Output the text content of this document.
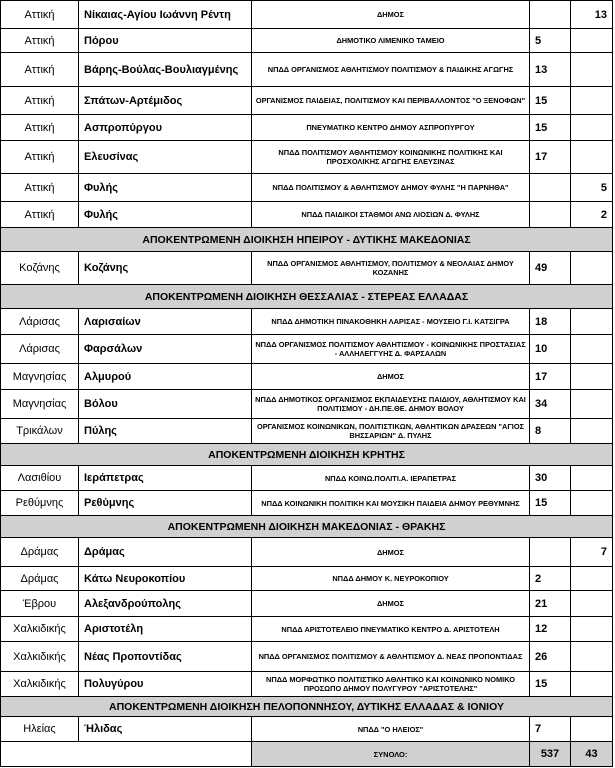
Αττική	Νίκαιας-Αγίου Ιωάννη Ρέντη	ΔΗΜΟΣ		13
Αττική	Πόρου	ΔΗΜΟΤΙΚΟ ΛΙΜΕΝΙΚΟ ΤΑΜΕΙΟ	5	
Αττική	Βάρης-Βούλας-Βουλιαγμένης	ΝΠΔΔ ΟΡΓΑΝΙΣΜΟΣ ΑΘΛΗΤΙΣΜΟΥ ΠΟΛΙΤΙΣΜΟΥ & ΠΑΙΔΙΚΗΣ ΑΓΩΓΗΣ	13	
Αττική	Σπάτων-Αρτέμιδος	ΟΡΓΑΝΙΣΜΟΣ ΠΑΙΔΕΙΑΣ, ΠΟΛΙΤΙΣΜΟΥ ΚΑΙ ΠΕΡΙΒΑΛΛΟΝΤΟΣ "Ο ΞΕΝΟΦΩΝ"	15	
Αττική	Ασπροπύργου	ΠΝΕΥΜΑΤΙΚΟ ΚΕΝΤΡΟ ΔΗΜΟΥ ΑΣΠΡΟΠΥΡΓΟΥ	15	
Αττική	Ελευσίνας	ΝΠΔΔ ΠΟΛΙΤΙΣΜΟΥ ΑΘΛΗΤΙΣΜΟΥ ΚΟΙΝΩΝΙΚΗΣ ΠΟΛΙΤΙΚΗΣ ΚΑΙ ΠΡΟΣΧΟΛΙΚΗΣ ΑΓΩΓΗΣ ΕΛΕΥΣΙΝΑΣ	17	
Αττική	Φυλής	ΝΠΔΔ ΠΟΛΙΤΙΣΜΟΥ & ΑΘΛΗΤΙΣΜΟΥ ΔΗΜΟΥ ΦΥΛΗΣ "Η ΠΑΡΝΗΘΑ"		5
Αττική	Φυλής	ΝΠΔΔ ΠΑΙΔΙΚΟΙ ΣΤΑΘΜΟΙ ΑΝΩ ΛΙΟΣΙΩΝ Δ. ΦΥΛΗΣ		2
ΑΠΟΚΕΝΤΡΩΜΕΝΗ ΔΙΟΙΚΗΣΗ ΗΠΕΙΡΟΥ - ΔΥΤΙΚΗΣ ΜΑΚΕΔΟΝΙΑΣ				
Κοζάνης	Κοζάνης	ΝΠΔΔ ΟΡΓΑΝΙΣΜΟΣ ΑΘΛΗΤΙΣΜΟΥ, ΠΟΛΙΤΙΣΜΟΥ & ΝΕΟΛΑΙΑΣ ΔΗΜΟΥ ΚΟΖΑΝΗΣ	49	
ΑΠΟΚΕΝΤΡΩΜΕΝΗ ΔΙΟΙΚΗΣΗ ΘΕΣΣΑΛΙΑΣ - ΣΤΕΡΕΑΣ ΕΛΛΑΔΑΣ				
Λάρισας	Λαρισαίων	ΝΠΔΔ ΔΗΜΟΤΙΚΗ ΠΙΝΑΚΟΘΗΚΗ ΛΑΡΙΣΑΣ - ΜΟΥΣΕΙΟ Γ.Ι. ΚΑΤΣΙΓΡΑ	18	
Λάρισας	Φαρσάλων	ΝΠΔΔ ΟΡΓΑΝΙΣΜΟΣ ΠΟΛΙΤΙΣΜΟΥ ΑΘΛΗΤΙΣΜΟΥ - ΚΟΙΝΩΝΙΚΗΣ ΠΡΟΣΤΑΣΙΑΣ - ΑΛΛΗΛΕΓΓΥΗΣ Δ. ΦΑΡΣΑΛΩΝ	10	
Μαγνησίας	Αλμυρού	ΔΗΜΟΣ	17	
Μαγνησίας	Βόλου	ΝΠΔΔ ΔΗΜΟΤΙΚΟΣ ΟΡΓΑΝΙΣΜΟΣ ΕΚΠΑΙΔΕΥΣΗΣ ΠΑΙΔΙΟΥ, ΑΘΛΗΤΙΣΜΟΥ ΚΑΙ ΠΟΛΙΤΙΣΜΟΥ - ΔΗ.ΠΕ.ΘΕ. ΔΗΜΟΥ ΒΟΛΟΥ	34	
Τρικάλων	Πύλης	ΟΡΓΑΝΙΣΜΟΣ ΚΟΙΝΩΝΙΚΩΝ, ΠΟΛΙΤΙΣΤΙΚΩΝ, ΑΘΛΗΤΙΚΩΝ ΔΡΑΣΕΩΝ "ΑΓΙΟΣ ΒΗΣΣΑΡΙΩΝ" Δ. ΠΥΛΗΣ	8	
ΑΠΟΚΕΝΤΡΩΜΕΝΗ ΔΙΟΙΚΗΣΗ ΚΡΗΤΗΣ				
Λασιθίου	Ιεράπετρας	ΝΠΔΔ ΚΟΙΝΩ.ΠΟΛΙΤΙ.Α. ΙΕΡΑΠΕΤΡΑΣ	30	
Ρεθύμνης	Ρεθύμνης	ΝΠΔΔ ΚΟΙΝΩΝΙΚΗ ΠΟΛΙΤΙΚΗ ΚΑΙ ΜΟΥΣΙΚΗ ΠΑΙΔΕΙΑ ΔΗΜΟΥ ΡΕΘΥΜΝΗΣ	15	
ΑΠΟΚΕΝΤΡΩΜΕΝΗ ΔΙΟΙΚΗΣΗ ΜΑΚΕΔΟΝΙΑΣ - ΘΡΑΚΗΣ				
Δράμας	Δράμας	ΔΗΜΟΣ		7
Δράμας	Κάτω Νευροκοπίου	ΝΠΔΔ ΔΗΜΟΥ Κ. ΝΕΥΡΟΚΟΠΙΟΥ	2	
Έβρου	Αλεξανδρούπολης	ΔΗΜΟΣ	21	
Χαλκιδικής	Αριστοτέλη	ΝΠΔΔ ΑΡΙΣΤΟΤΕΛΕΙΟ ΠΝΕΥΜΑΤΙΚΟ ΚΕΝΤΡΟ Δ. ΑΡΙΣΤΟΤΕΛΗ	12	
Χαλκιδικής	Νέας Προποντίδας	ΝΠΔΔ ΟΡΓΑΝΙΣΜΟΣ ΠΟΛΙΤΙΣΜΟΥ & ΑΘΛΗΤΙΣΜΟΥ Δ. ΝΕΑΣ ΠΡΟΠΟΝΤΙΔΑΣ	26	
Χαλκιδικής	Πολυγύρου	ΝΠΔΔ ΜΟΡΦΩΤΙΚΟ ΠΟΛΙΤΙΣΤΙΚΟ ΑΘΛΗΤΙΚΟ ΚΑΙ ΚΟΙΝΩΝΙΚΟ ΝΟΜΙΚΟ ΠΡΟΣΩΠΟ ΔΗΜΟΥ ΠΟΛΥΓΥΡΟΥ "ΑΡΙΣΤΟΤΕΛΗΣ"	15	
ΑΠΟΚΕΝΤΡΩΜΕΝΗ ΔΙΟΙΚΗΣΗ ΠΕΛΟΠΟΝΝΗΣΟΥ, ΔΥΤΙΚΗΣ ΕΛΛΑΔΑΣ & ΙΟΝΙΟΥ				
Ηλείας	Ήλιδας	ΝΠΔΔ "Ο ΗΛΕΙΟΣ"	7	
		ΣΥΝΟΛΟ:	537	43
